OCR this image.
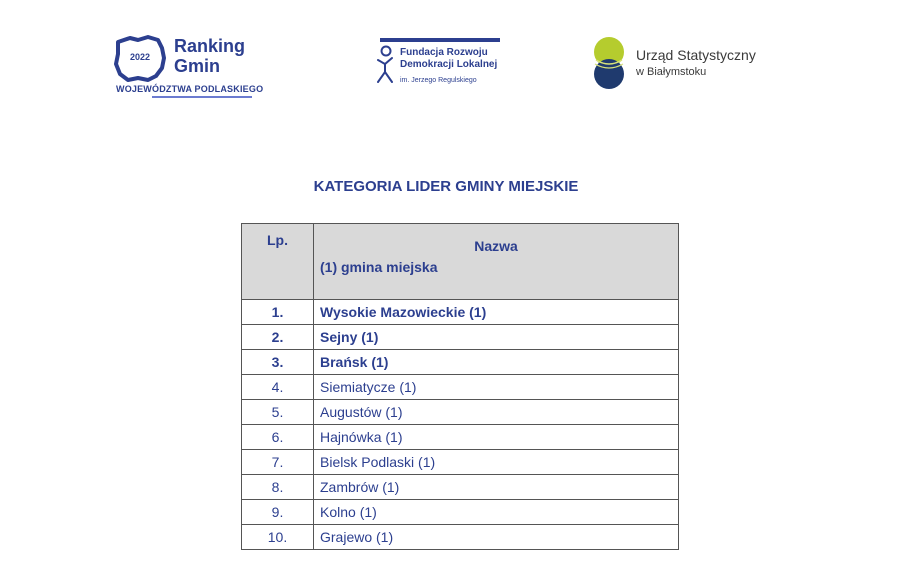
2022
Ranking
Gmin
WOJEWÓDZTWA PODLASKIEGO
Fundacja Rozwoju
Demokracji Lokalnej
im. Jerzego Regulskiego
Urząd Statystyczny
w Białymstoku
KATEGORIA LIDER GMINY MIEJSKIE
Lp.	Nazwa
(1) gmina miejska

1.	Wysokie Mazowieckie (1)
2.	Sejny (1)
3.	Brańsk (1)
4.	Siemiatycze (1)
5.	Augustów (1)
6.	Hajnówka (1)
7.	Bielsk Podlaski (1)
8.	Zambrów (1)
9.	Kolno (1)
10.	Grajewo (1)
